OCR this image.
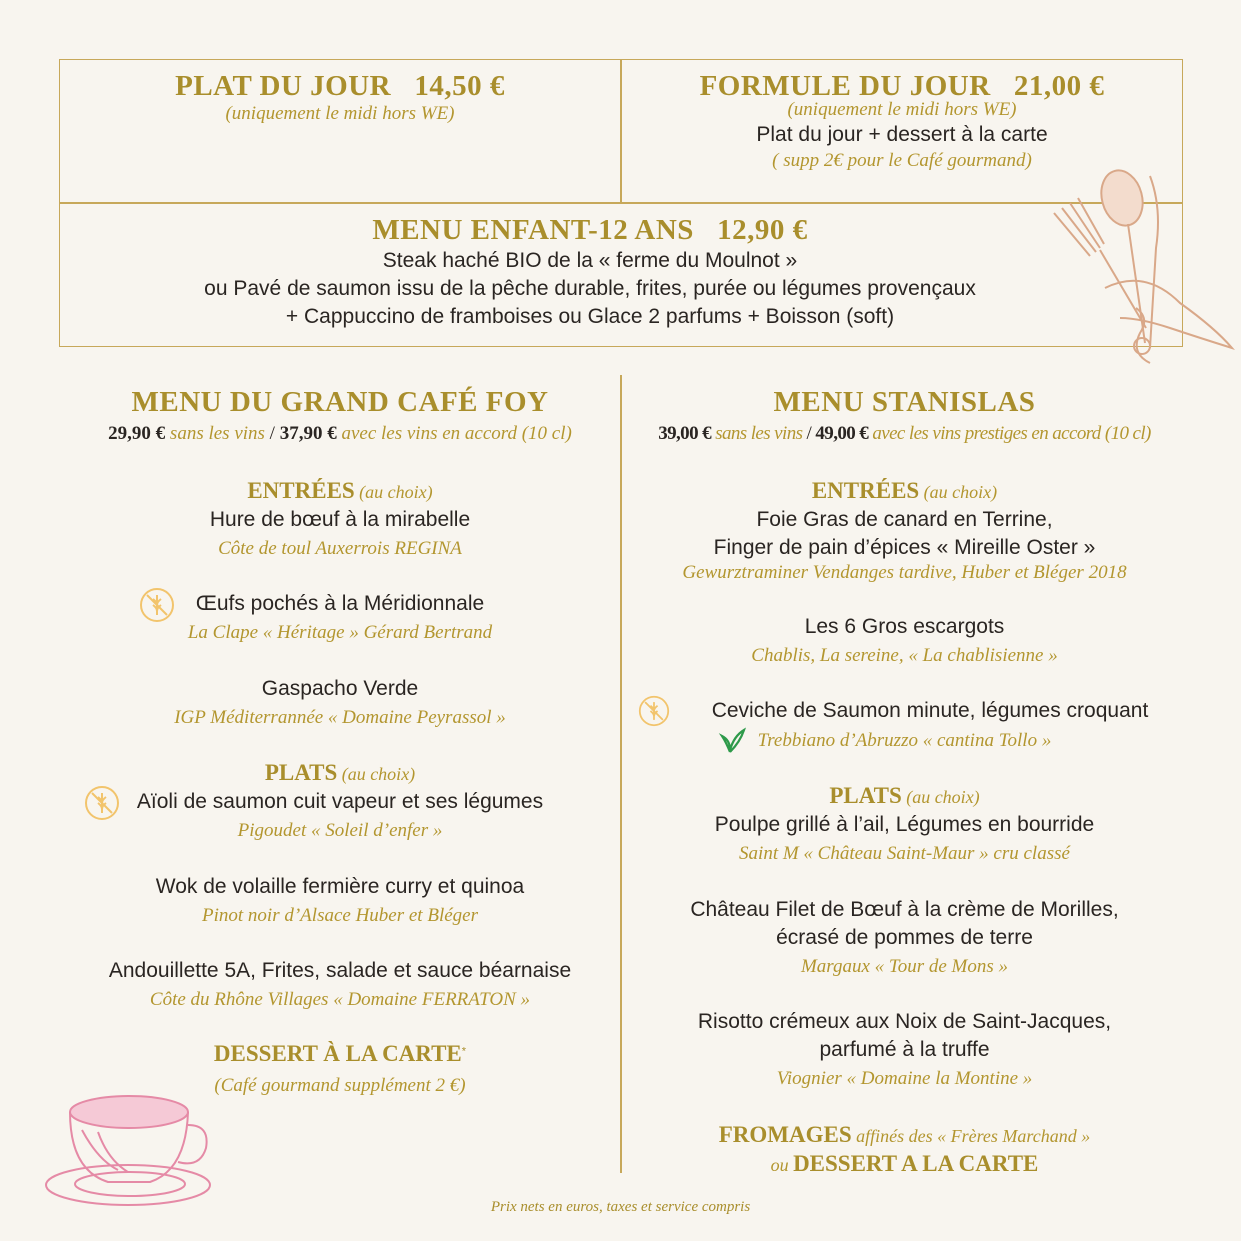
PLAT DU JOUR   14,50 €
(uniquement le midi hors WE)
FORMULE DU JOUR   21,00 €
(uniquement le midi hors WE)
Plat du jour + dessert à la carte
( supp 2€ pour le Café gourmand)
MENU ENFANT-12 ANS   12,90 €
Steak haché BIO de la « ferme du Moulnot »
ou Pavé de saumon issu de la pêche durable, frites, purée ou légumes provençaux
+ Cappuccino de framboises ou Glace 2 parfums + Boisson (soft)
MENU DU GRAND CAFÉ FOY
29,90 € sans les vins / 37,90 € avec les vins en accord (10 cl)
ENTRÉES (au choix)
Hure de bœuf à la mirabelle
Côte de toul Auxerrois REGINA
Œufs pochés à la Méridionnale
La Clape « Héritage » Gérard Bertrand
Gaspacho Verde
IGP Méditerrannée « Domaine Peyrassol »
PLATS (au choix)
Aïoli de saumon cuit vapeur et ses légumes
Pigoudet « Soleil d’enfer »
Wok de volaille fermière curry et quinoa
Pinot noir d’Alsace Huber et Bléger
Andouillette 5A, Frites, salade et sauce béarnaise
Côte du Rhône Villages « Domaine FERRATON »
DESSERT À LA CARTE*
(Café gourmand supplément 2 €)
MENU STANISLAS
39,00 € sans les vins / 49,00 € avec les vins prestiges en accord (10 cl)
ENTRÉES (au choix)
Foie Gras de canard en Terrine,
Finger de pain d’épices « Mireille Oster »
Gewurztraminer Vendanges tardive, Huber et Bléger 2018
Les 6 Gros escargots
Chablis, La sereine, « La chablisienne »
Ceviche de Saumon minute, légumes croquant
Trebbiano d’Abruzzo « cantina Tollo »
PLATS (au choix)
Poulpe grillé à l’ail, Légumes en bourride
Saint M « Château Saint-Maur » cru classé
Château Filet de Bœuf à la crème de Morilles,
écrasé de pommes de terre
Margaux « Tour de Mons »
Risotto crémeux aux Noix de Saint-Jacques,
parfumé à la truffe
Viognier « Domaine la Montine »
FROMAGES affinés des « Frères Marchand »
ou DESSERT A LA CARTE
Prix nets en euros, taxes et service compris
